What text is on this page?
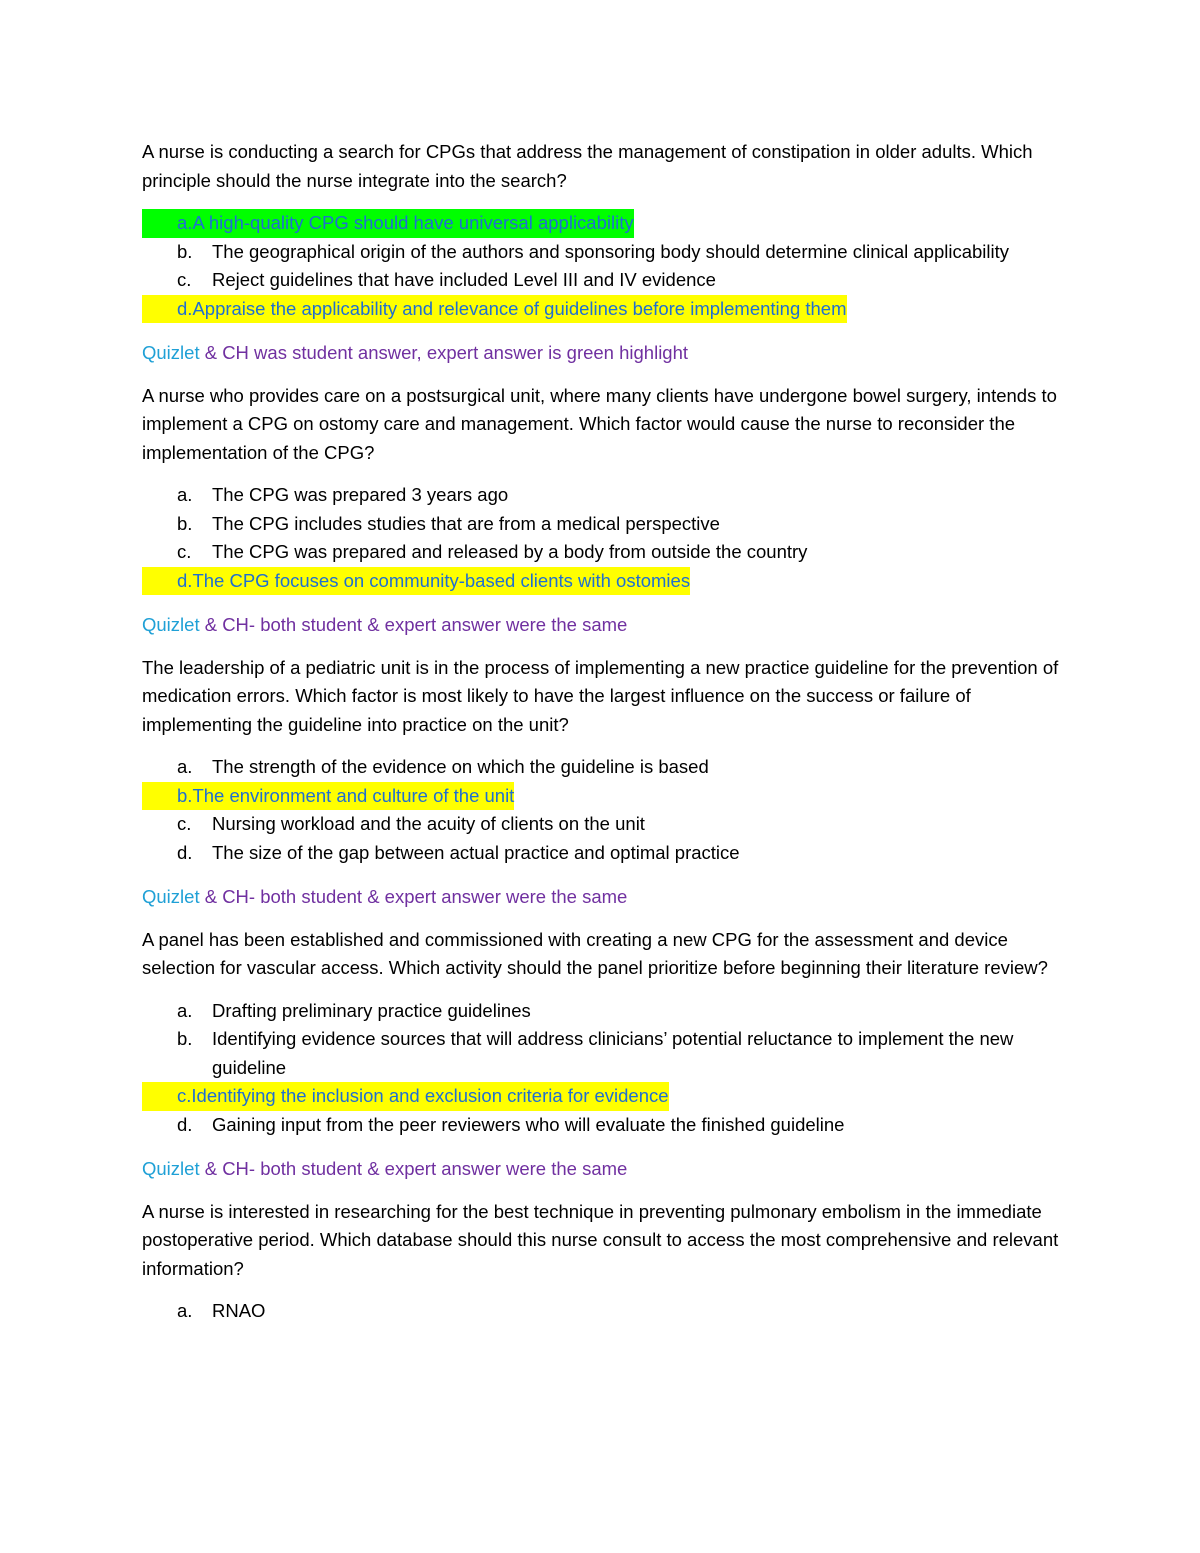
A nurse is conducting a search for CPGs that address the management of constipation in older adults. Which principle should the nurse integrate into the search?

a.A high-quality CPG should have universal applicability
b.	The geographical origin of the authors and sponsoring body should determine clinical applicability
c.	Reject guidelines that have included Level III and IV evidence
d.Appraise the applicability and relevance of guidelines before implementing them

Quizlet & CH was student answer, expert answer is green highlight

A nurse who provides care on a postsurgical unit, where many clients have undergone bowel surgery, intends to implement a CPG on ostomy care and management. Which factor would cause the nurse to reconsider the implementation of the CPG?

a.	The CPG was prepared 3 years ago
b.	The CPG includes studies that are from a medical perspective
c.	The CPG was prepared and released by a body from outside the country
d.The CPG focuses on community-based clients with ostomies

Quizlet & CH- both student & expert answer were the same

The leadership of a pediatric unit is in the process of implementing a new practice guideline for the prevention of medication errors. Which factor is most likely to have the largest influence on the success or failure of implementing the guideline into practice on the unit?

a.	The strength of the evidence on which the guideline is based
b.The environment and culture of the unit
c.	Nursing workload and the acuity of clients on the unit
d.	The size of the gap between actual practice and optimal practice

Quizlet & CH- both student & expert answer were the same

A panel has been established and commissioned with creating a new CPG for the assessment and device selection for vascular access. Which activity should the panel prioritize before beginning their literature review?

a.	Drafting preliminary practice guidelines
b.	Identifying evidence sources that will address clinicians’ potential reluctance to implement the new guideline
c.Identifying the inclusion and exclusion criteria for evidence
d.	Gaining input from the peer reviewers who will evaluate the finished guideline

Quizlet & CH- both student & expert answer were the same

A nurse is interested in researching for the best technique in preventing pulmonary embolism in the immediate postoperative period. Which database should this nurse consult to access the most comprehensive and relevant information?

a.	RNAO
